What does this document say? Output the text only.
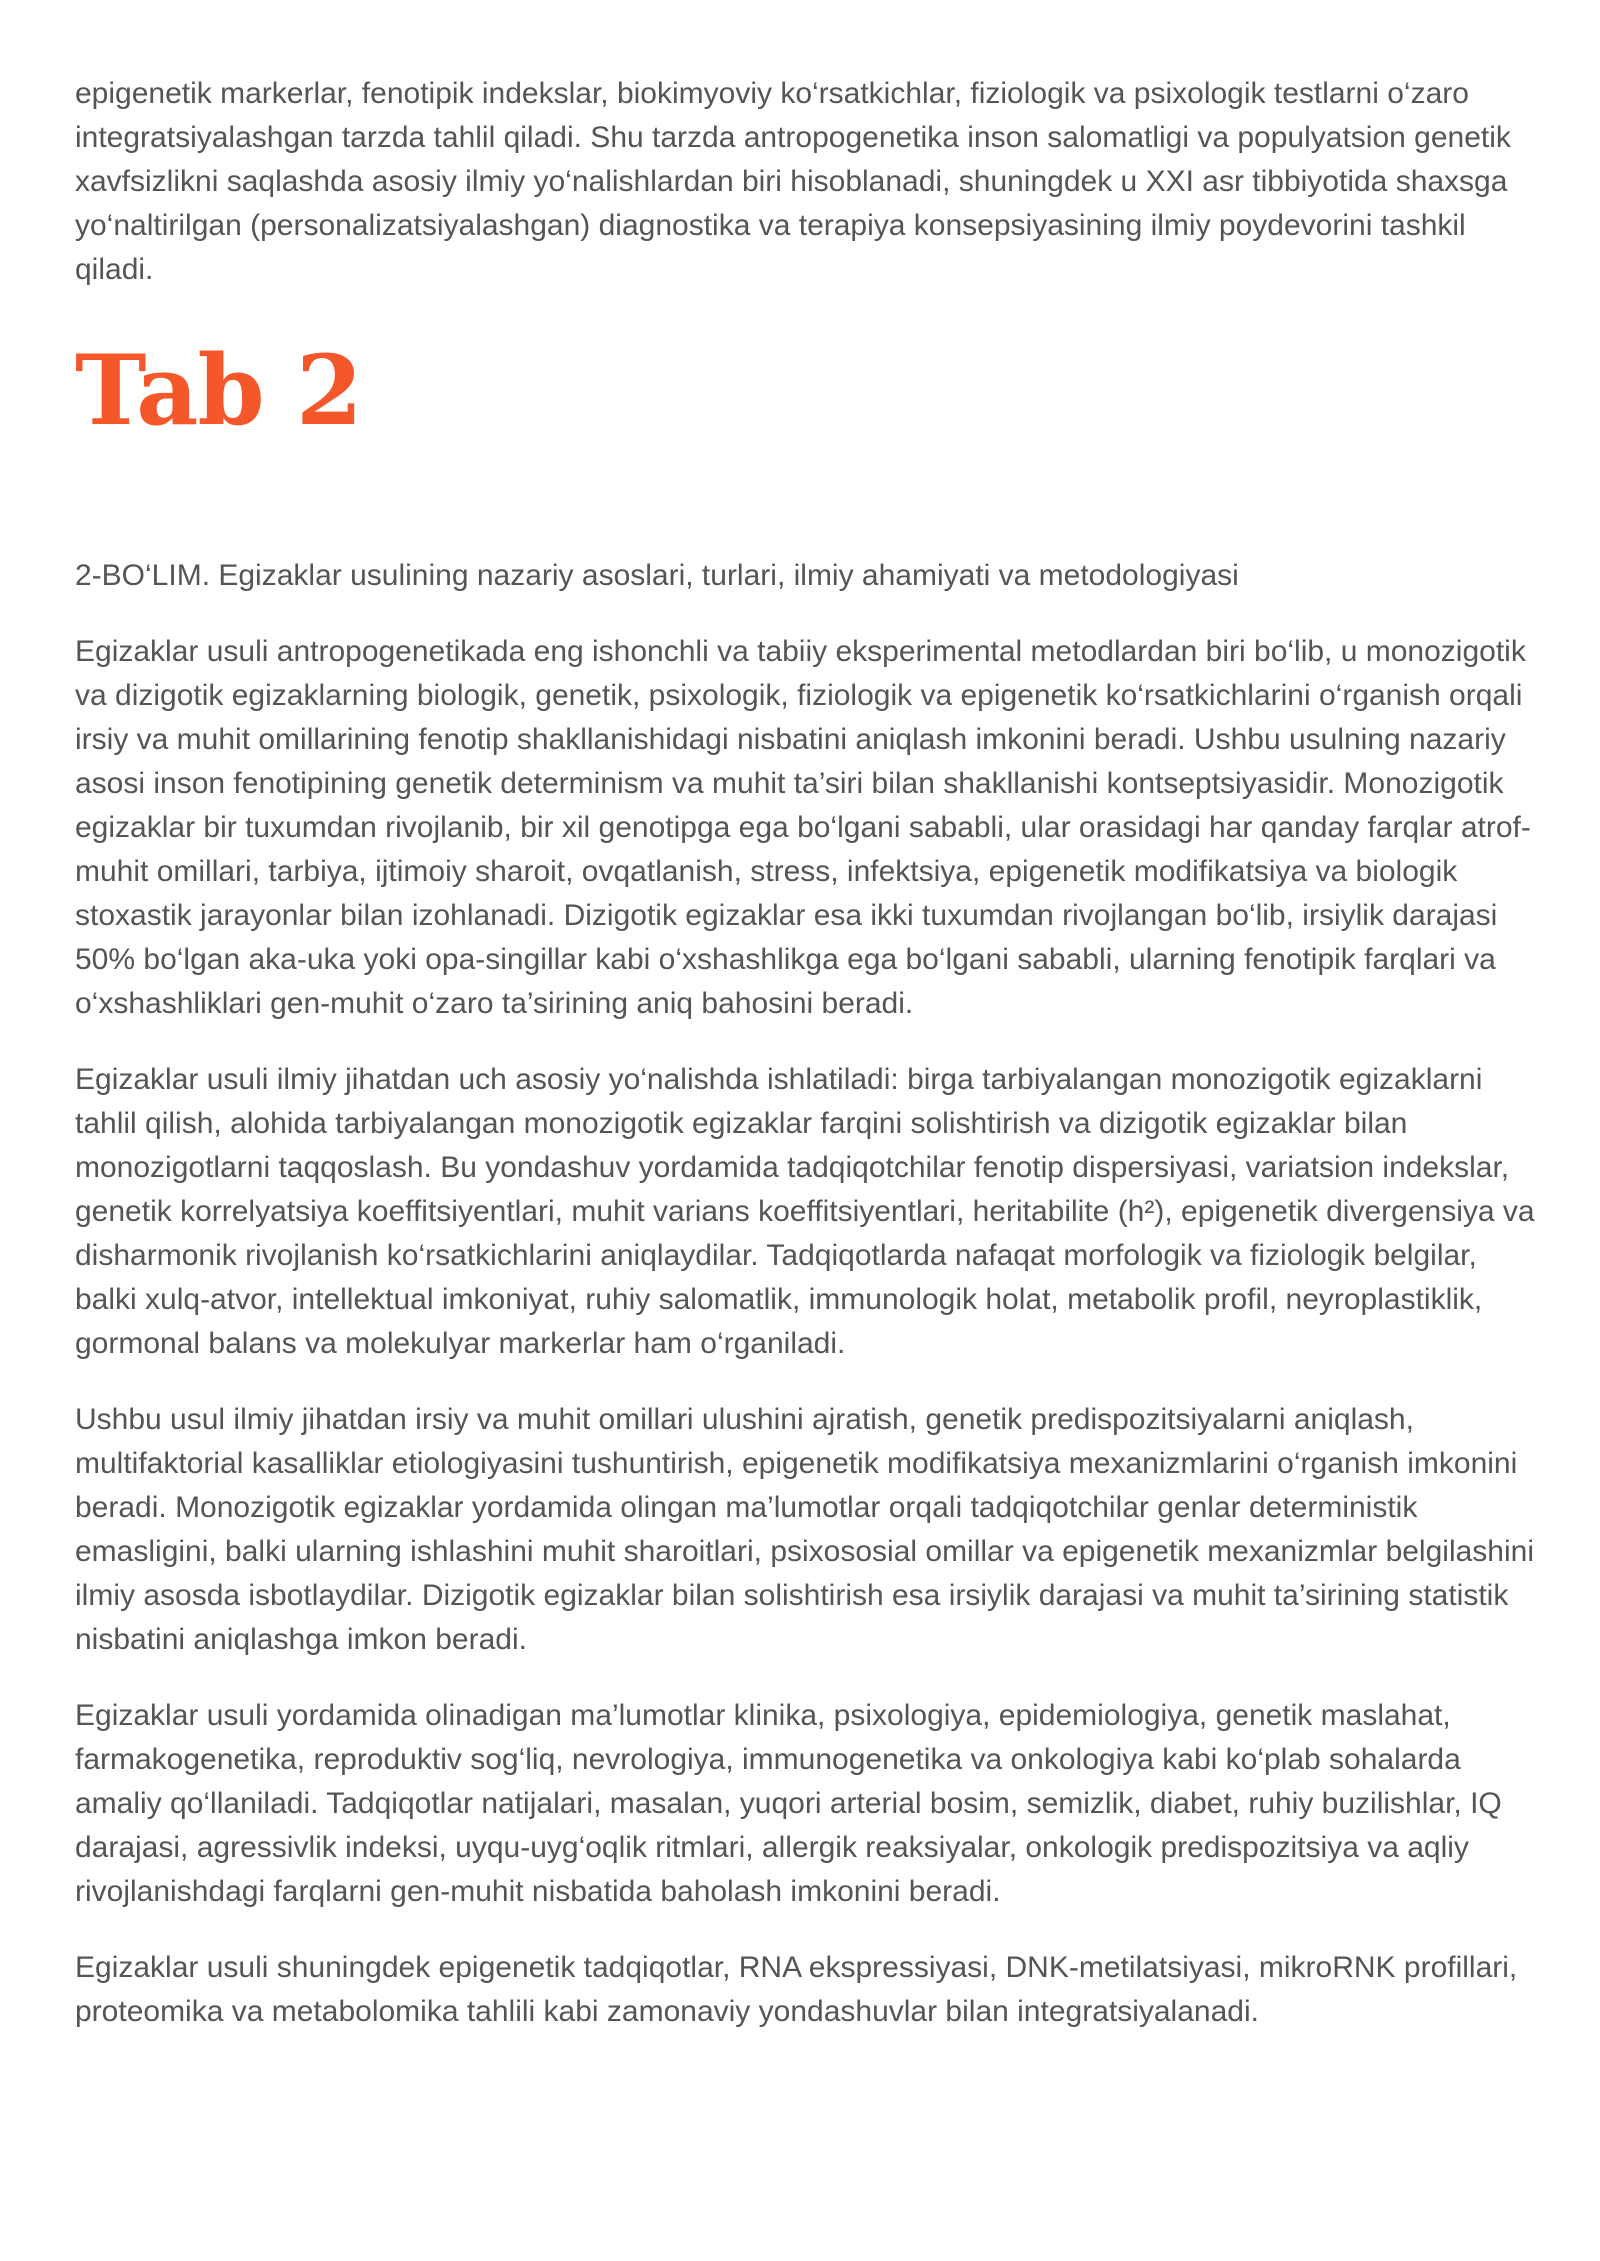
epigenetik markerlar, fenotipik indekslar, biokimyoviy ko‘rsatkichlar, fiziologik va psixologik testlarni o‘zaro integratsiyalashgan tarzda tahlil qiladi. Shu tarzda antropogenetika inson salomatligi va populyatsion genetik xavfsizlikni saqlashda asosiy ilmiy yo‘nalishlardan biri hisoblanadi, shuningdek u XXI asr tibbiyotida shaxsga yo‘naltirilgan (personalizatsiyalashgan) diagnostika va terapiya konsepsiyasining ilmiy poydevorini tashkil qiladi.

Tab 2

2-BO‘LIM. Egizaklar usulining nazariy asoslari, turlari, ilmiy ahamiyati va metodologiyasi

Egizaklar usuli antropogenetikada eng ishonchli va tabiiy eksperimental metodlardan biri bo‘lib, u monozigotik va dizigotik egizaklarning biologik, genetik, psixologik, fiziologik va epigenetik ko‘rsatkichlarini o‘rganish orqali irsiy va muhit omillarining fenotip shakllanishidagi nisbatini aniqlash imkonini beradi. Ushbu usulning nazariy asosi inson fenotipining genetik determinism va muhit ta’siri bilan shakllanishi kontseptsiyasidir. Monozigotik egizaklar bir tuxumdan rivojlanib, bir xil genotipga ega bo‘lgani sababli, ular orasidagi har qanday farqlar atrof-muhit omillari, tarbiya, ijtimoiy sharoit, ovqatlanish, stress, infektsiya, epigenetik modifikatsiya va biologik stoxastik jarayonlar bilan izohlanadi. Dizigotik egizaklar esa ikki tuxumdan rivojlangan bo‘lib, irsiylik darajasi 50% bo‘lgan aka-uka yoki opa-singillar kabi o‘xshashlikga ega bo‘lgani sababli, ularning fenotipik farqlari va o‘xshashliklari gen-muhit o‘zaro ta’sirining aniq bahosini beradi.

Egizaklar usuli ilmiy jihatdan uch asosiy yo‘nalishda ishlatiladi: birga tarbiyalangan monozigotik egizaklarni tahlil qilish, alohida tarbiyalangan monozigotik egizaklar farqini solishtirish va dizigotik egizaklar bilan monozigotlarni taqqoslash. Bu yondashuv yordamida tadqiqotchilar fenotip dispersiyasi, variatsion indekslar, genetik korrelyatsiya koeffitsiyentlari, muhit varians koeffitsiyentlari, heritabilite (h²), epigenetik divergensiya va disharmonik rivojlanish ko‘rsatkichlarini aniqlaydilar. Tadqiqotlarda nafaqat morfologik va fiziologik belgilar, balki xulq-atvor, intellektual imkoniyat, ruhiy salomatlik, immunologik holat, metabolik profil, neyroplastiklik, gormonal balans va molekulyar markerlar ham o‘rganiladi.

Ushbu usul ilmiy jihatdan irsiy va muhit omillari ulushini ajratish, genetik predispozitsiyalarni aniqlash, multifaktorial kasalliklar etiologiyasini tushuntirish, epigenetik modifikatsiya mexanizmlarini o‘rganish imkonini beradi. Monozigotik egizaklar yordamida olingan ma’lumotlar orqali tadqiqotchilar genlar deterministik emasligini, balki ularning ishlashini muhit sharoitlari, psixososial omillar va epigenetik mexanizmlar belgilashini ilmiy asosda isbotlaydilar. Dizigotik egizaklar bilan solishtirish esa irsiylik darajasi va muhit ta’sirining statistik nisbatini aniqlashga imkon beradi.

Egizaklar usuli yordamida olinadigan ma’lumotlar klinika, psixologiya, epidemiologiya, genetik maslahat, farmakogenetika, reproduktiv sog‘liq, nevrologiya, immunogenetika va onkologiya kabi ko‘plab sohalarda amaliy qo‘llaniladi. Tadqiqotlar natijalari, masalan, yuqori arterial bosim, semizlik, diabet, ruhiy buzilishlar, IQ darajasi, agressivlik indeksi, uyqu-uyg‘oqlik ritmlari, allergik reaksiyalar, onkologik predispozitsiya va aqliy rivojlanishdagi farqlarni gen-muhit nisbatida baholash imkonini beradi.

Egizaklar usuli shuningdek epigenetik tadqiqotlar, RNA ekspressiyasi, DNK-metilatsiyasi, mikroRNK profillari, proteomika va metabolomika tahlili kabi zamonaviy yondashuvlar bilan integratsiyalanadi.
